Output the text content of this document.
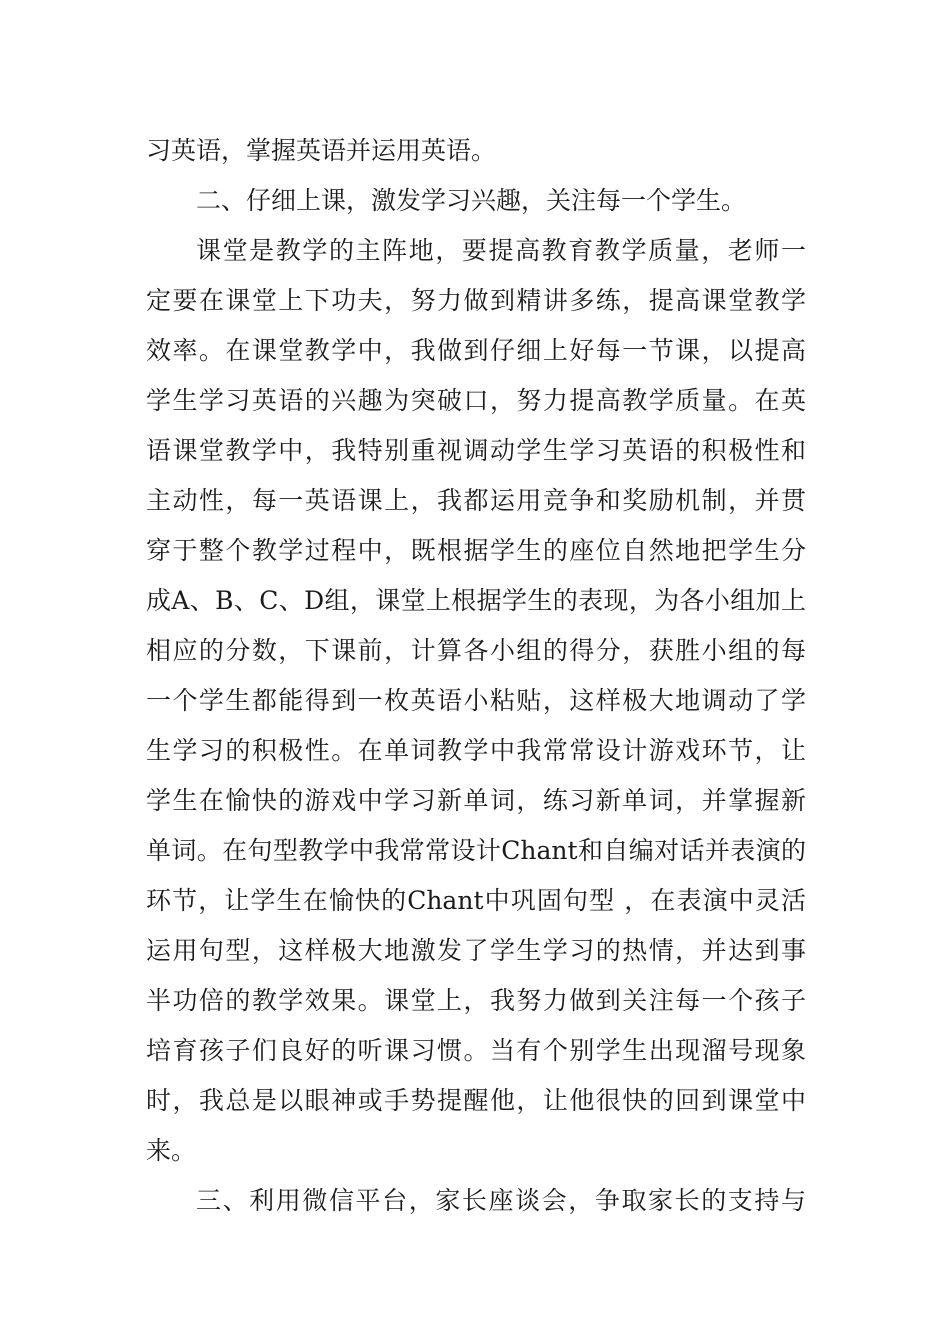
习英语，掌握英语并运用英语。
二、仔细上课，激发学习兴趣，关注每一个学生。
课堂是教学的主阵地，要提高教育教学质量，老师一
定要在课堂上下功夫，努力做到精讲多练，提高课堂教学
效率。在课堂教学中，我做到仔细上好每一节课，以提高
学生学习英语的兴趣为突破口，努力提高教学质量。在英
语课堂教学中，我特别重视调动学生学习英语的积极性和
主动性，每一英语课上，我都运用竞争和奖励机制，并贯
穿于整个教学过程中，既根据学生的座位自然地把学生分
成A、B、C、D组，课堂上根据学生的表现，为各小组加上
相应的分数，下课前，计算各小组的得分，获胜小组的每
一个学生都能得到一枚英语小粘贴，这样极大地调动了学
生学习的积极性。在单词教学中我常常设计游戏环节，让
学生在愉快的游戏中学习新单词，练习新单词，并掌握新
单词。在句型教学中我常常设计Chant和自编对话并表演的
环节，让学生在愉快的Chant中巩固句型 ，在表演中灵活
运用句型，这样极大地激发了学生学习的热情，并达到事
半功倍的教学效果。课堂上，我努力做到关注每一个孩子
培育孩子们良好的听课习惯。当有个别学生出现溜号现象
时，我总是以眼神或手势提醒他，让他很快的回到课堂中
来。
三、利用微信平台，家长座谈会，争取家长的支持与
